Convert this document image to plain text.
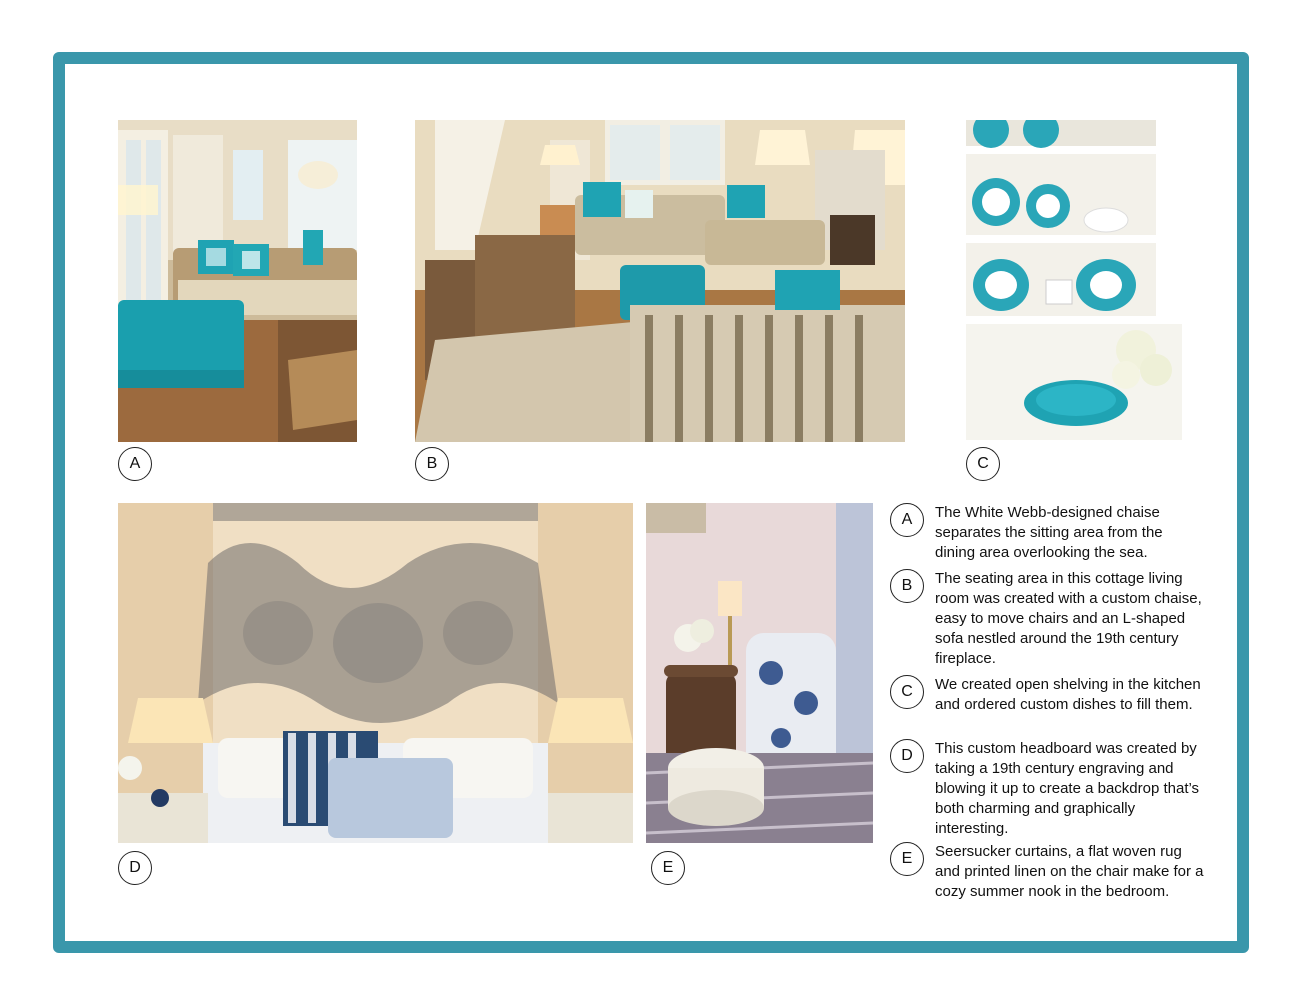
A	B	C
D	E
A	The White Webb-designed chaise separates the sitting area from the dining area overlooking the sea.
B	The seating area in this cottage living room was created with a custom chaise, easy to move chairs and an L-shaped sofa nestled around the 19th century fireplace.
C	We created open shelving in the kitchen and ordered custom dishes to fill them.
D	This custom headboard was created by taking a 19th century engraving and blowing it up to create a backdrop that’s both charming and graphically interesting.
E	Seersucker curtains, a flat woven rug and printed linen on the chair make for a cozy summer nook in the bedroom.
